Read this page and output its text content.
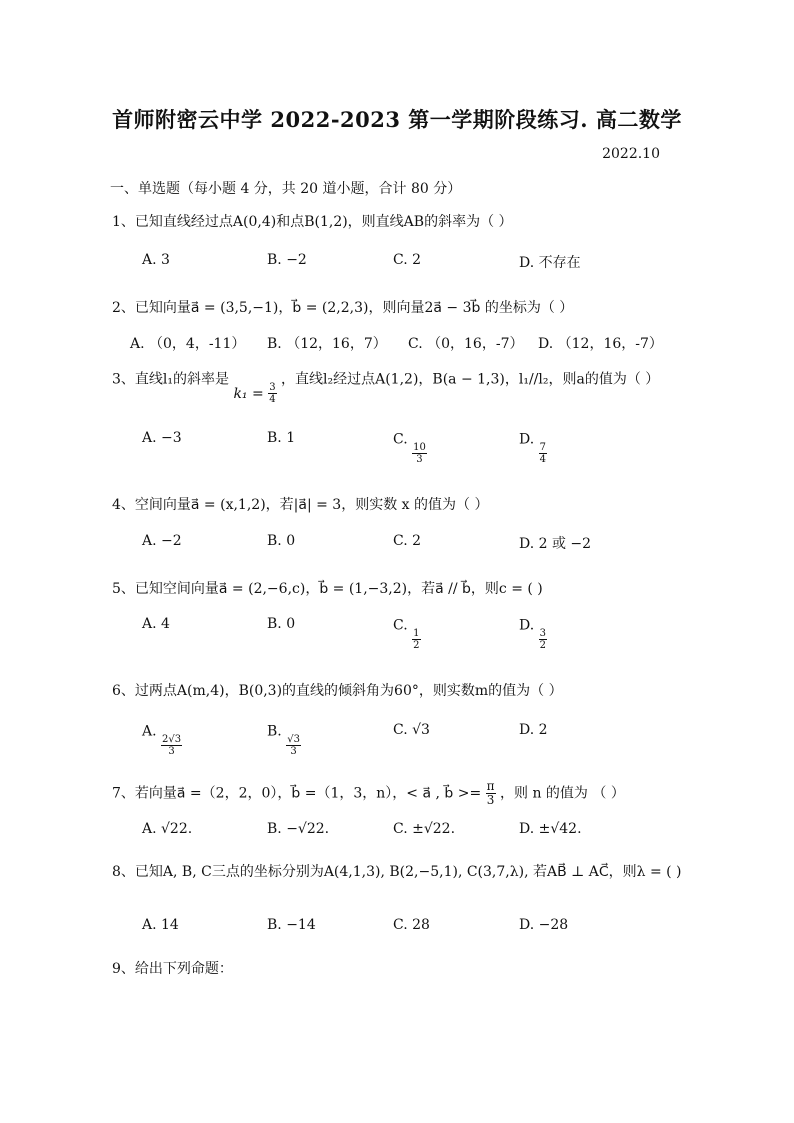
首师附密云中学 2022-2023 第一学期阶段练习. 高二数学
2022.10
一、单选题（每小题 4 分，共 20 道小题，合计 80 分）
1、已知直线经过点A(0,4)和点B(1,2)，则直线AB的斜率为（ ）
A. 3	B. −2	C. 2	D. 不存在
2、已知向量a⃗ = (3,5,−1)，b⃗ = (2,2,3)，则向量2a⃗ − 3b⃗ 的坐标为（ ）
A. （0，4，-11） B. （12，16，7） C. （0，16，-7） D. （12，16，-7）
3、直线l₁的斜率是 $k_1 = \frac{3}{4}$
，直线l₂经过点A(1,2)，B(a − 1,3)，l₁//l₂，则a的值为（ ）
A. −3	B. 1	C.
$\frac{10}{3}$
D.
$\frac{7}{4}$
4、空间向量a⃗ = (x,1,2)，若|a⃗| = 3，则实数 x 的值为（ ）
A. −2	B. 0	C. 2	D. 2 或 −2
5、已知空间向量a⃗ = (2,−6,c)，b⃗ = (1,−3,2)，若a⃗ // b⃗，则c = ( )
A. 4	B. 0	C.
$\frac{1}{2}$
D.
$\frac{3}{2}$
6、过两点A(m,4)，B(0,3)的直线的倾斜角为60°，则实数m的值为（ ）
A.
$\frac{2√3}{3}$
B.
$\frac{√3}{3}$
C. √3	D. 2
7、若向量a⃗ =（2，2，0），b⃗ =（1，3，n），< a⃗ , b⃗ >= $\frac{\pi}{3}$ ，则 n 的值为 （ ）
A. √22.	B. −√22.	C. ±√22.	D. ±√42.
8、已知A, B, C三点的坐标分别为A(4,1,3), B(2,−5,1), C(3,7,λ), 若AB⃗ ⊥ AC⃗，则λ = ( )
A. 14	B. −14	C. 28	D. −28
9、给出下列命题：
